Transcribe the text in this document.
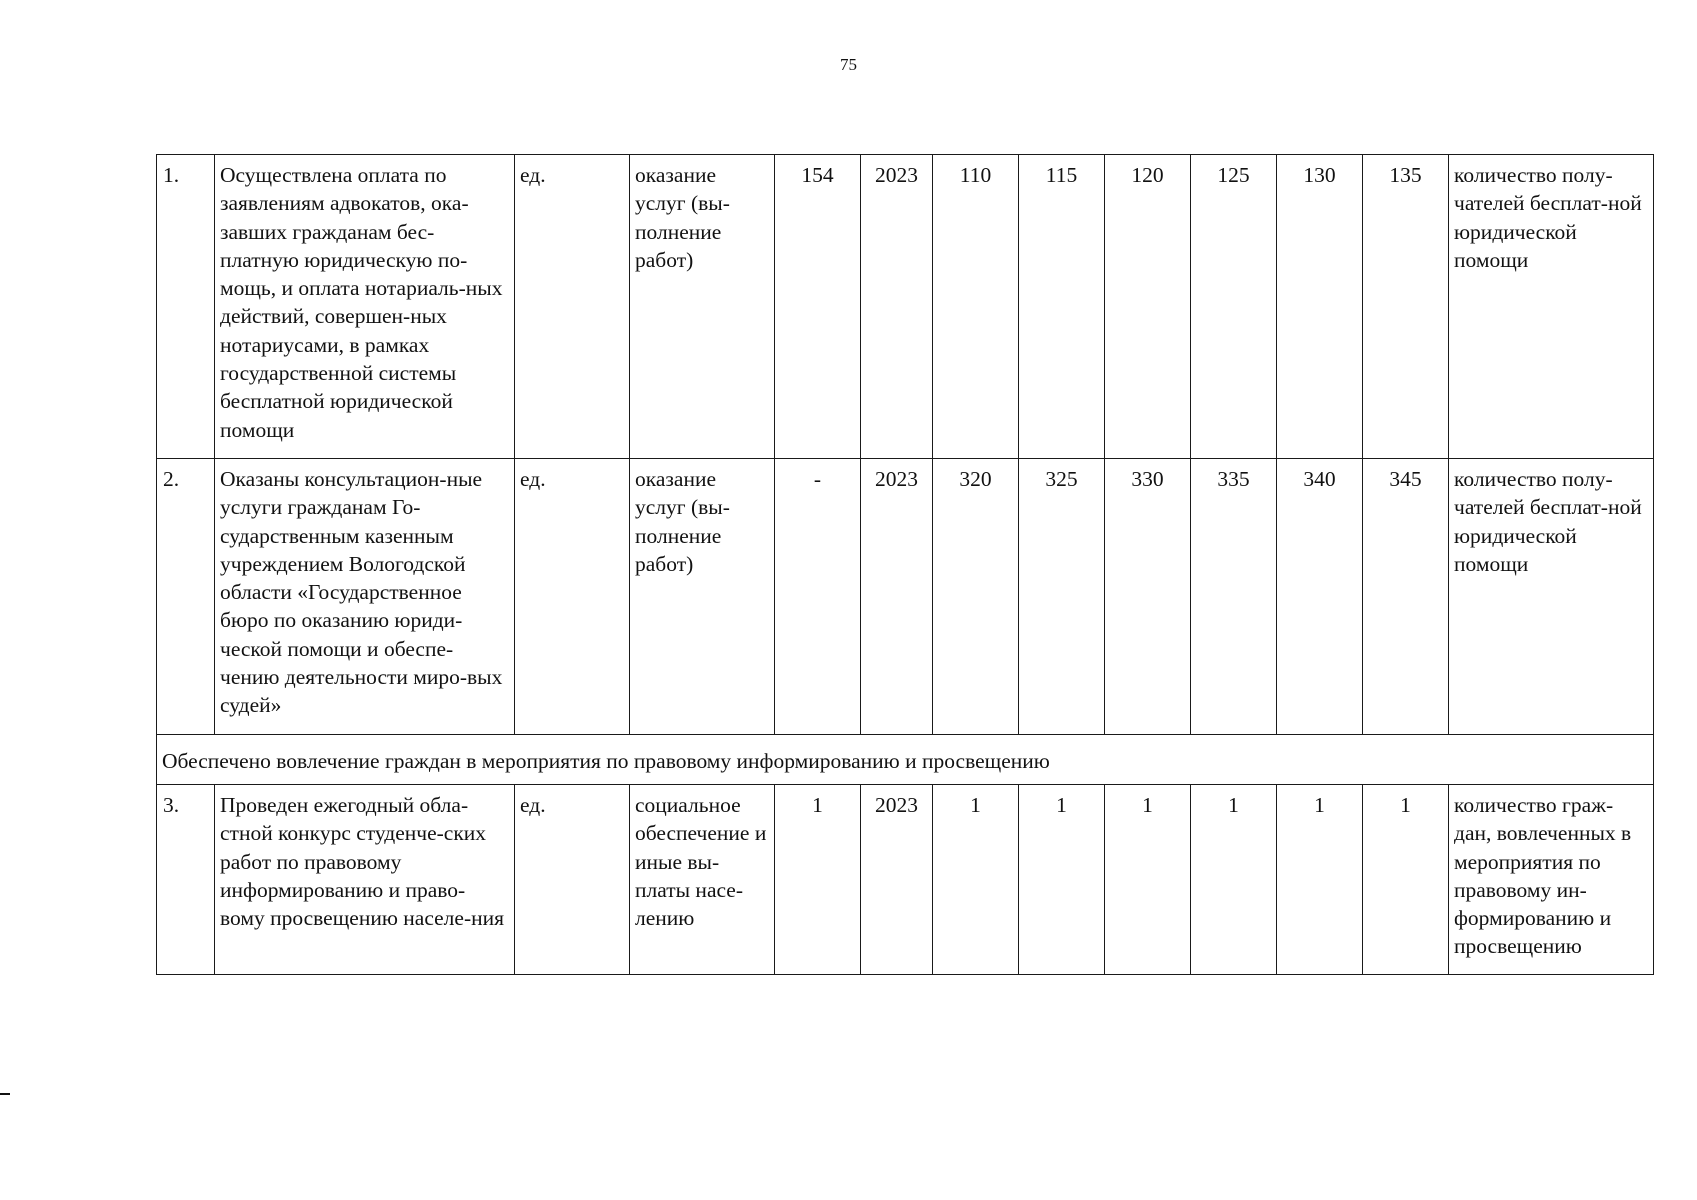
75
1.	Осуществлена оплата по заявлениям адвокатов, ока-завших гражданам бес-платную юридическую по-мощь, и оплата нотариаль-ных действий, совершен-ных нотариусами, в рамках государственной системы бесплатной юридической помощи	ед.	оказание услуг (вы-полнение работ)	154	2023	110	115	120	125	130	135	количество полу-чателей бесплат-ной юридической помощи
2.	Оказаны консультацион-ные услуги гражданам Го-сударственным казенным учреждением Вологодской области «Государственное бюро по оказанию юриди-ческой помощи и обеспе-чению деятельности миро-вых судей»	ед.	оказание услуг (вы-полнение работ)	-	2023	320	325	330	335	340	345	количество полу-чателей бесплат-ной юридической помощи
Обеспечено вовлечение граждан в мероприятия по правовому информированию и просвещению												
3.	Проведен ежегодный обла-стной конкурс студенче-ских работ по правовому информированию и право-вому просвещению населе-ния	ед.	социальное обеспечение и иные вы-платы насе-лению	1	2023	1	1	1	1	1	1	количество граж-дан, вовлеченных в мероприятия по правовому ин-формированию и просвещению
